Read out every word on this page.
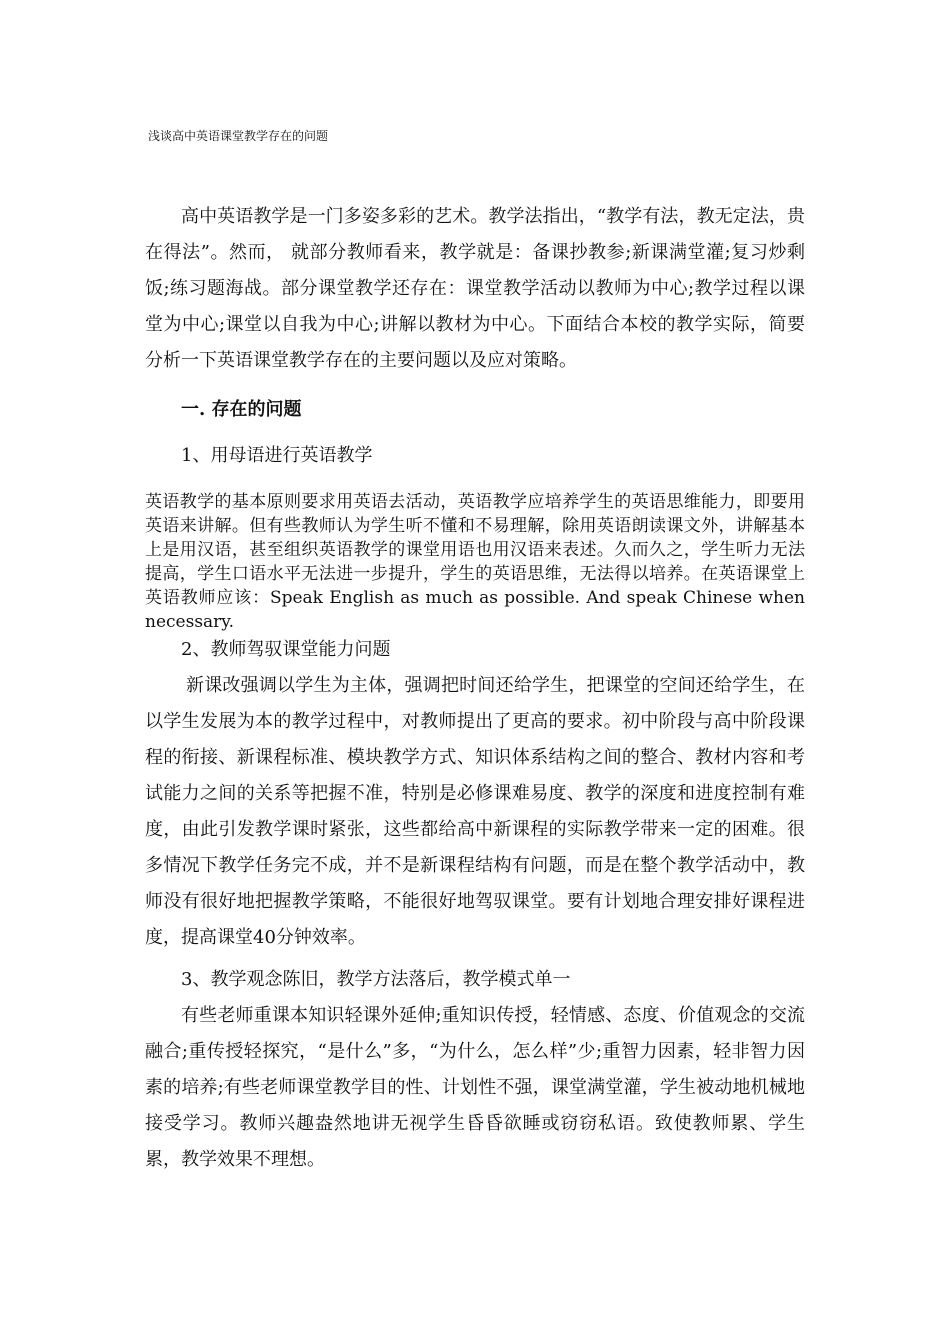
浅谈高中英语课堂教学存在的问题

高中英语教学是一门多姿多彩的艺术。教学法指出，“教学有法，教无定法，贵在得法”。然而， 就部分教师看来，教学就是：备课抄教参;新课满堂灌;复习炒剩饭;练习题海战。部分课堂教学还存在：课堂教学活动以教师为中心;教学过程以课堂为中心;课堂以自我为中心;讲解以教材为中心。下面结合本校的教学实际，简要分析一下英语课堂教学存在的主要问题以及应对策略。

一. 存在的问题
1、用母语进行英语教学

英语教学的基本原则要求用英语去活动，英语教学应培养学生的英语思维能力，即要用英语来讲解。但有些教师认为学生听不懂和不易理解，除用英语朗读课文外，讲解基本上是用汉语，甚至组织英语教学的课堂用语也用汉语来表述。久而久之，学生听力无法提高，学生口语水平无法进一步提升，学生的英语思维，无法得以培养。在英语课堂上英语教师应该：Speak English as much as possible. And speak Chinese when necessary.

2、教师驾驭课堂能力问题

新课改强调以学生为主体，强调把时间还给学生，把课堂的空间还给学生，在以学生发展为本的教学过程中，对教师提出了更高的要求。初中阶段与高中阶段课程的衔接、新课程标准、模块教学方式、知识体系结构之间的整合、教材内容和考试能力之间的关系等把握不准，特别是必修课难易度、教学的深度和进度控制有难度，由此引发教学课时紧张，这些都给高中新课程的实际教学带来一定的困难。很多情况下教学任务完不成，并不是新课程结构有问题，而是在整个教学活动中，教师没有很好地把握教学策略，不能很好地驾驭课堂。要有计划地合理安排好课程进度，提高课堂40分钟效率。

3、教学观念陈旧，教学方法落后，教学模式单一

有些老师重课本知识轻课外延伸;重知识传授，轻情感、态度、价值观念的交流融合;重传授轻探究，“是什么”多，“为什么，怎么样”少;重智力因素，轻非智力因素的培养;有些老师课堂教学目的性、计划性不强，课堂满堂灌，学生被动地机械地接受学习。教师兴趣盎然地讲无视学生昏昏欲睡或窃窃私语。致使教师累、学生累，教学效果不理想。
